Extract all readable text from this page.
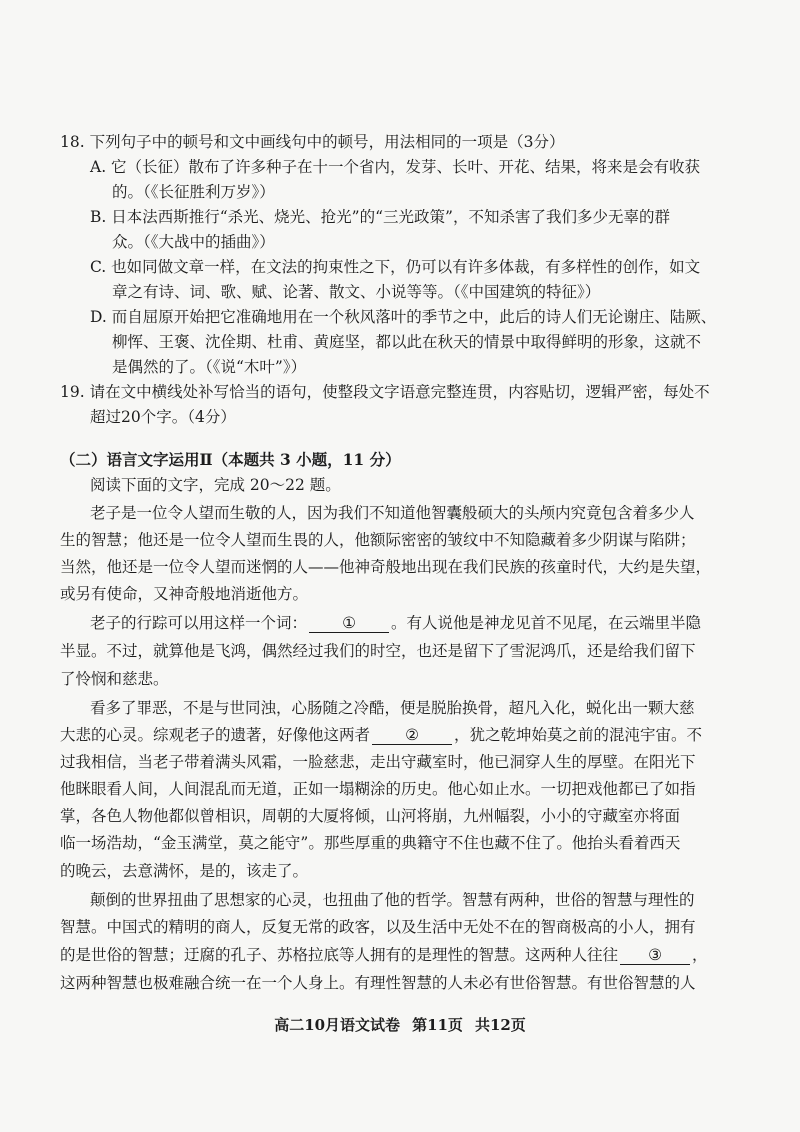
18. 下列句子中的顿号和文中画线句中的顿号，用法相同的一项是（3分）
A. 它（长征）散布了许多种子在十一个省内，发芽、长叶、开花、结果，将来是会有收获
的。（《长征胜利万岁》）
B. 日本法西斯推行“杀光、烧光、抢光”的“三光政策”，不知杀害了我们多少无辜的群
众。（《大战中的插曲》）
C. 也如同做文章一样，在文法的拘束性之下，仍可以有许多体裁，有多样性的创作，如文
章之有诗、词、歌、赋、论著、散文、小说等等。（《中国建筑的特征》）
D. 而自屈原开始把它准确地用在一个秋风落叶的季节之中，此后的诗人们无论谢庄、陆厥、
柳恽、王褒、沈佺期、杜甫、黄庭坚，都以此在秋天的情景中取得鲜明的形象，这就不
是偶然的了。（《说“木叶”》）
19. 请在文中横线处补写恰当的语句，使整段文字语意完整连贯，内容贴切，逻辑严密，每处不
超过20个字。（4分）
（二）语言文字运用Ⅱ（本题共 3 小题，11 分）
阅读下面的文字，完成 20～22 题。
老子是一位令人望而生敬的人，因为我们不知道他智囊般硕大的头颅内究竟包含着多少人
生的智慧；他还是一位令人望而生畏的人，他额际密密的皱纹中不知隐藏着多少阴谋与陷阱；
当然，他还是一位令人望而迷惘的人——他神奇般地出现在我们民族的孩童时代，大约是失望，
或另有使命，又神奇般地消逝他方。
老子的行踪可以用这样一个词： ① 。有人说他是神龙见首不见尾，在云端里半隐
半显。不过，就算他是飞鸿，偶然经过我们的时空，也还是留下了雪泥鸿爪，还是给我们留下
了怜悯和慈悲。
看多了罪恶，不是与世同浊，心肠随之冷酷，便是脱胎换骨，超凡入化，蜕化出一颗大慈
大悲的心灵。综观老子的遗著，好像他这两者 ② ，犹之乾坤始莫之前的混沌宇宙。不
过我相信，当老子带着满头风霜，一脸慈悲，走出守藏室时，他已洞穿人生的厚壁。在阳光下
他眯眼看人间，人间混乱而无道，正如一塌糊涂的历史。他心如止水。一切把戏他都已了如指
掌，各色人物他都似曾相识，周朝的大厦将倾，山河将崩，九州幅裂，小小的守藏室亦将面
临一场浩劫，“金玉满堂，莫之能守”。那些厚重的典籍守不住也藏不住了。他抬头看着西天
的晚云，去意满怀，是的，该走了。
颠倒的世界扭曲了思想家的心灵，也扭曲了他的哲学。智慧有两种，世俗的智慧与理性的
智慧。中国式的精明的商人，反复无常的政客，以及生活中无处不在的智商极高的小人，拥有
的是世俗的智慧；迂腐的孔子、苏格拉底等人拥有的是理性的智慧。这两种人往往 ③ ，
这两种智慧也极难融合统一在一个人身上。有理性智慧的人未必有世俗智慧。有世俗智慧的人
高二10月语文试卷 第11页 共12页
